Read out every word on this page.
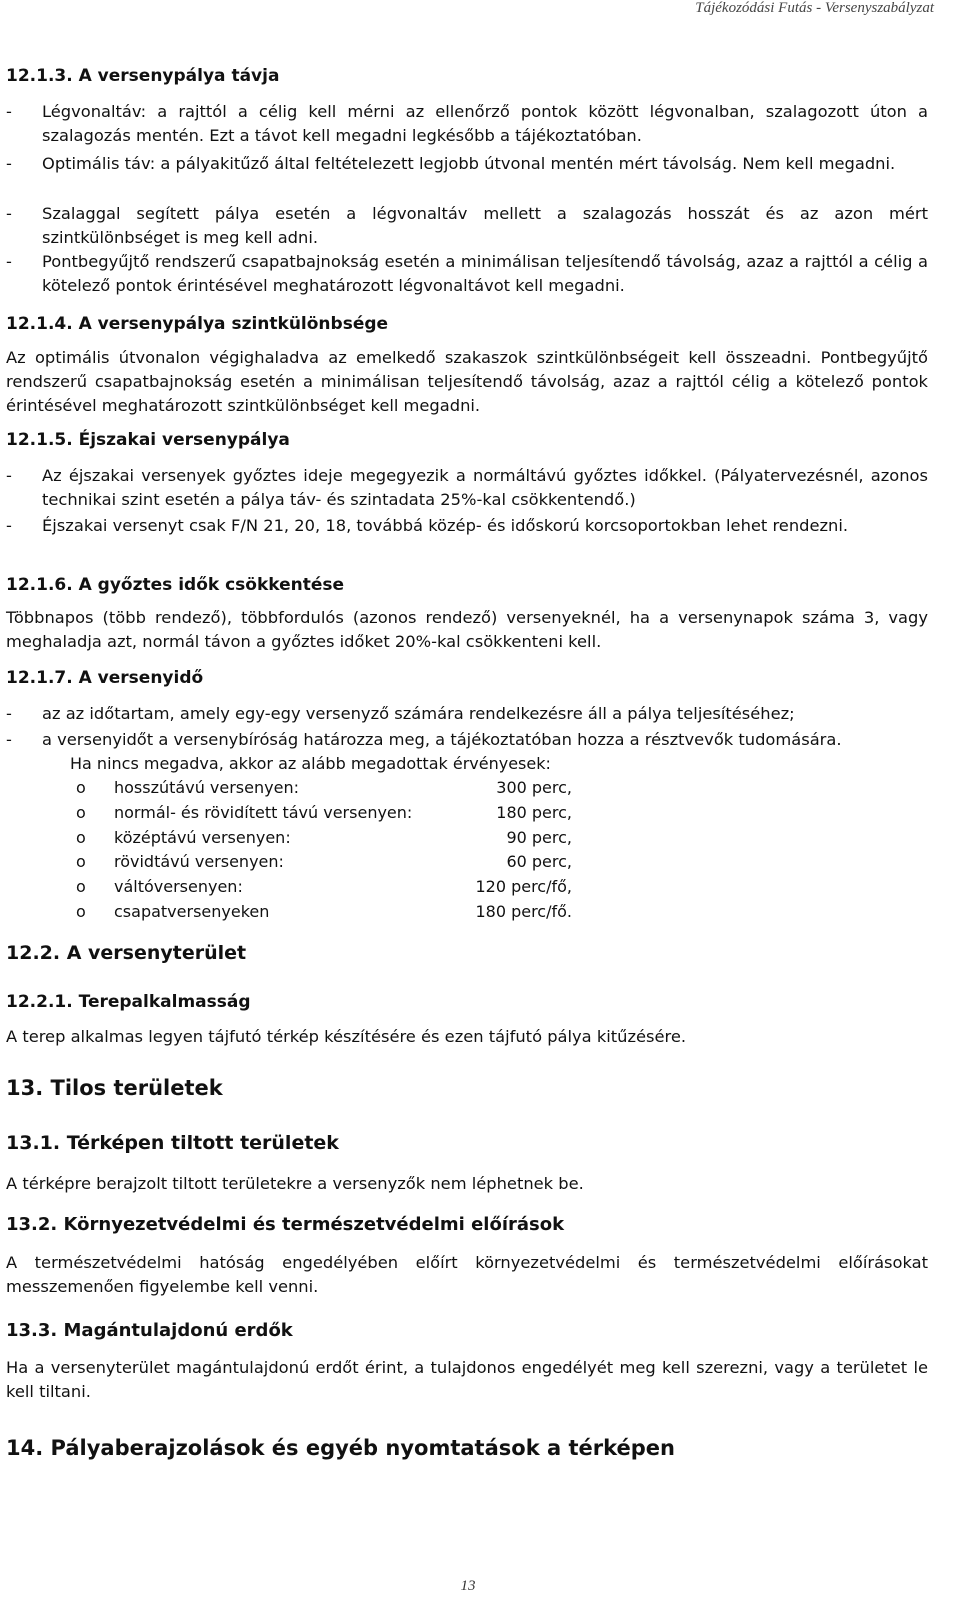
Tájékozódási Futás - Versenyszabályzat
12.1.3. A versenypálya távja
-	Légvonaltáv: a rajttól a célig kell mérni az ellenőrző pontok között légvonalban, szalagozott úton a szalagozás mentén. Ezt a távot kell megadni legkésőbb a tájékoztatóban.
-	Optimális táv: a pályakitűző által feltételezett legjobb útvonal mentén mért távolság. Nem kell megadni.
-	Szalaggal segített pálya esetén a légvonaltáv mellett a szalagozás hosszát és az azon mért szintkülönbséget is meg kell adni.
-	Pontbegyűjtő rendszerű csapatbajnokság esetén a minimálisan teljesítendő távolság, azaz a rajttól a célig a kötelező pontok érintésével meghatározott légvonaltávot kell megadni.
12.1.4. A versenypálya szintkülönbsége
Az optimális útvonalon végighaladva az emelkedő szakaszok szintkülönbségeit kell összeadni. Pontbegyűjtő rendszerű csapatbajnokság esetén a minimálisan teljesítendő távolság, azaz a rajttól célig a kötelező pontok érintésével meghatározott szintkülönbséget kell megadni.
12.1.5. Éjszakai versenypálya
-	Az éjszakai versenyek győztes ideje megegyezik a normáltávú győztes időkkel. (Pályatervezésnél, azonos technikai szint esetén a pálya táv- és szintadata 25%-kal csökkentendő.)
-	Éjszakai versenyt csak F/N 21, 20, 18, továbbá közép- és időskorú korcsoportokban lehet rendezni.
12.1.6. A győztes idők csökkentése
Többnapos (több rendező), többfordulós (azonos rendező) versenyeknél, ha a versenynapok száma 3, vagy meghaladja azt, normál távon a győztes időket 20%-kal csökkenteni kell.
12.1.7. A versenyidő
-	az az időtartam, amely egy-egy versenyző számára rendelkezésre áll a pálya teljesítéséhez;
-	a versenyidőt a versenybíróság határozza meg, a tájékoztatóban hozza a résztvevők tudomására.
Ha nincs megadva, akkor az alább megadottak érvényesek:
o hosszútávú versenyen:	300 perc,
o normál- és rövidített távú versenyen:	180 perc,
o középtávú versenyen:	90 perc,
o rövidtávú versenyen:	60 perc,
o váltóversenyen:	120 perc/fő,
o csapatversenyeken	180 perc/fő.
12.2. A versenyterület
12.2.1. Terepalkalmasság
A terep alkalmas legyen tájfutó térkép készítésére és ezen tájfutó pálya kitűzésére.
13. Tilos területek
13.1. Térképen tiltott területek
A térképre berajzolt tiltott területekre a versenyzők nem léphetnek be.
13.2. Környezetvédelmi és természetvédelmi előírások
A természetvédelmi hatóság engedélyében előírt környezetvédelmi és természetvédelmi előírásokat messzemenően figyelembe kell venni.
13.3. Magántulajdonú erdők
Ha a versenyterület magántulajdonú erdőt érint, a tulajdonos engedélyét meg kell szerezni, vagy a területet le kell tiltani.
14. Pályaberajzolások és egyéb nyomtatások a térképen
13
